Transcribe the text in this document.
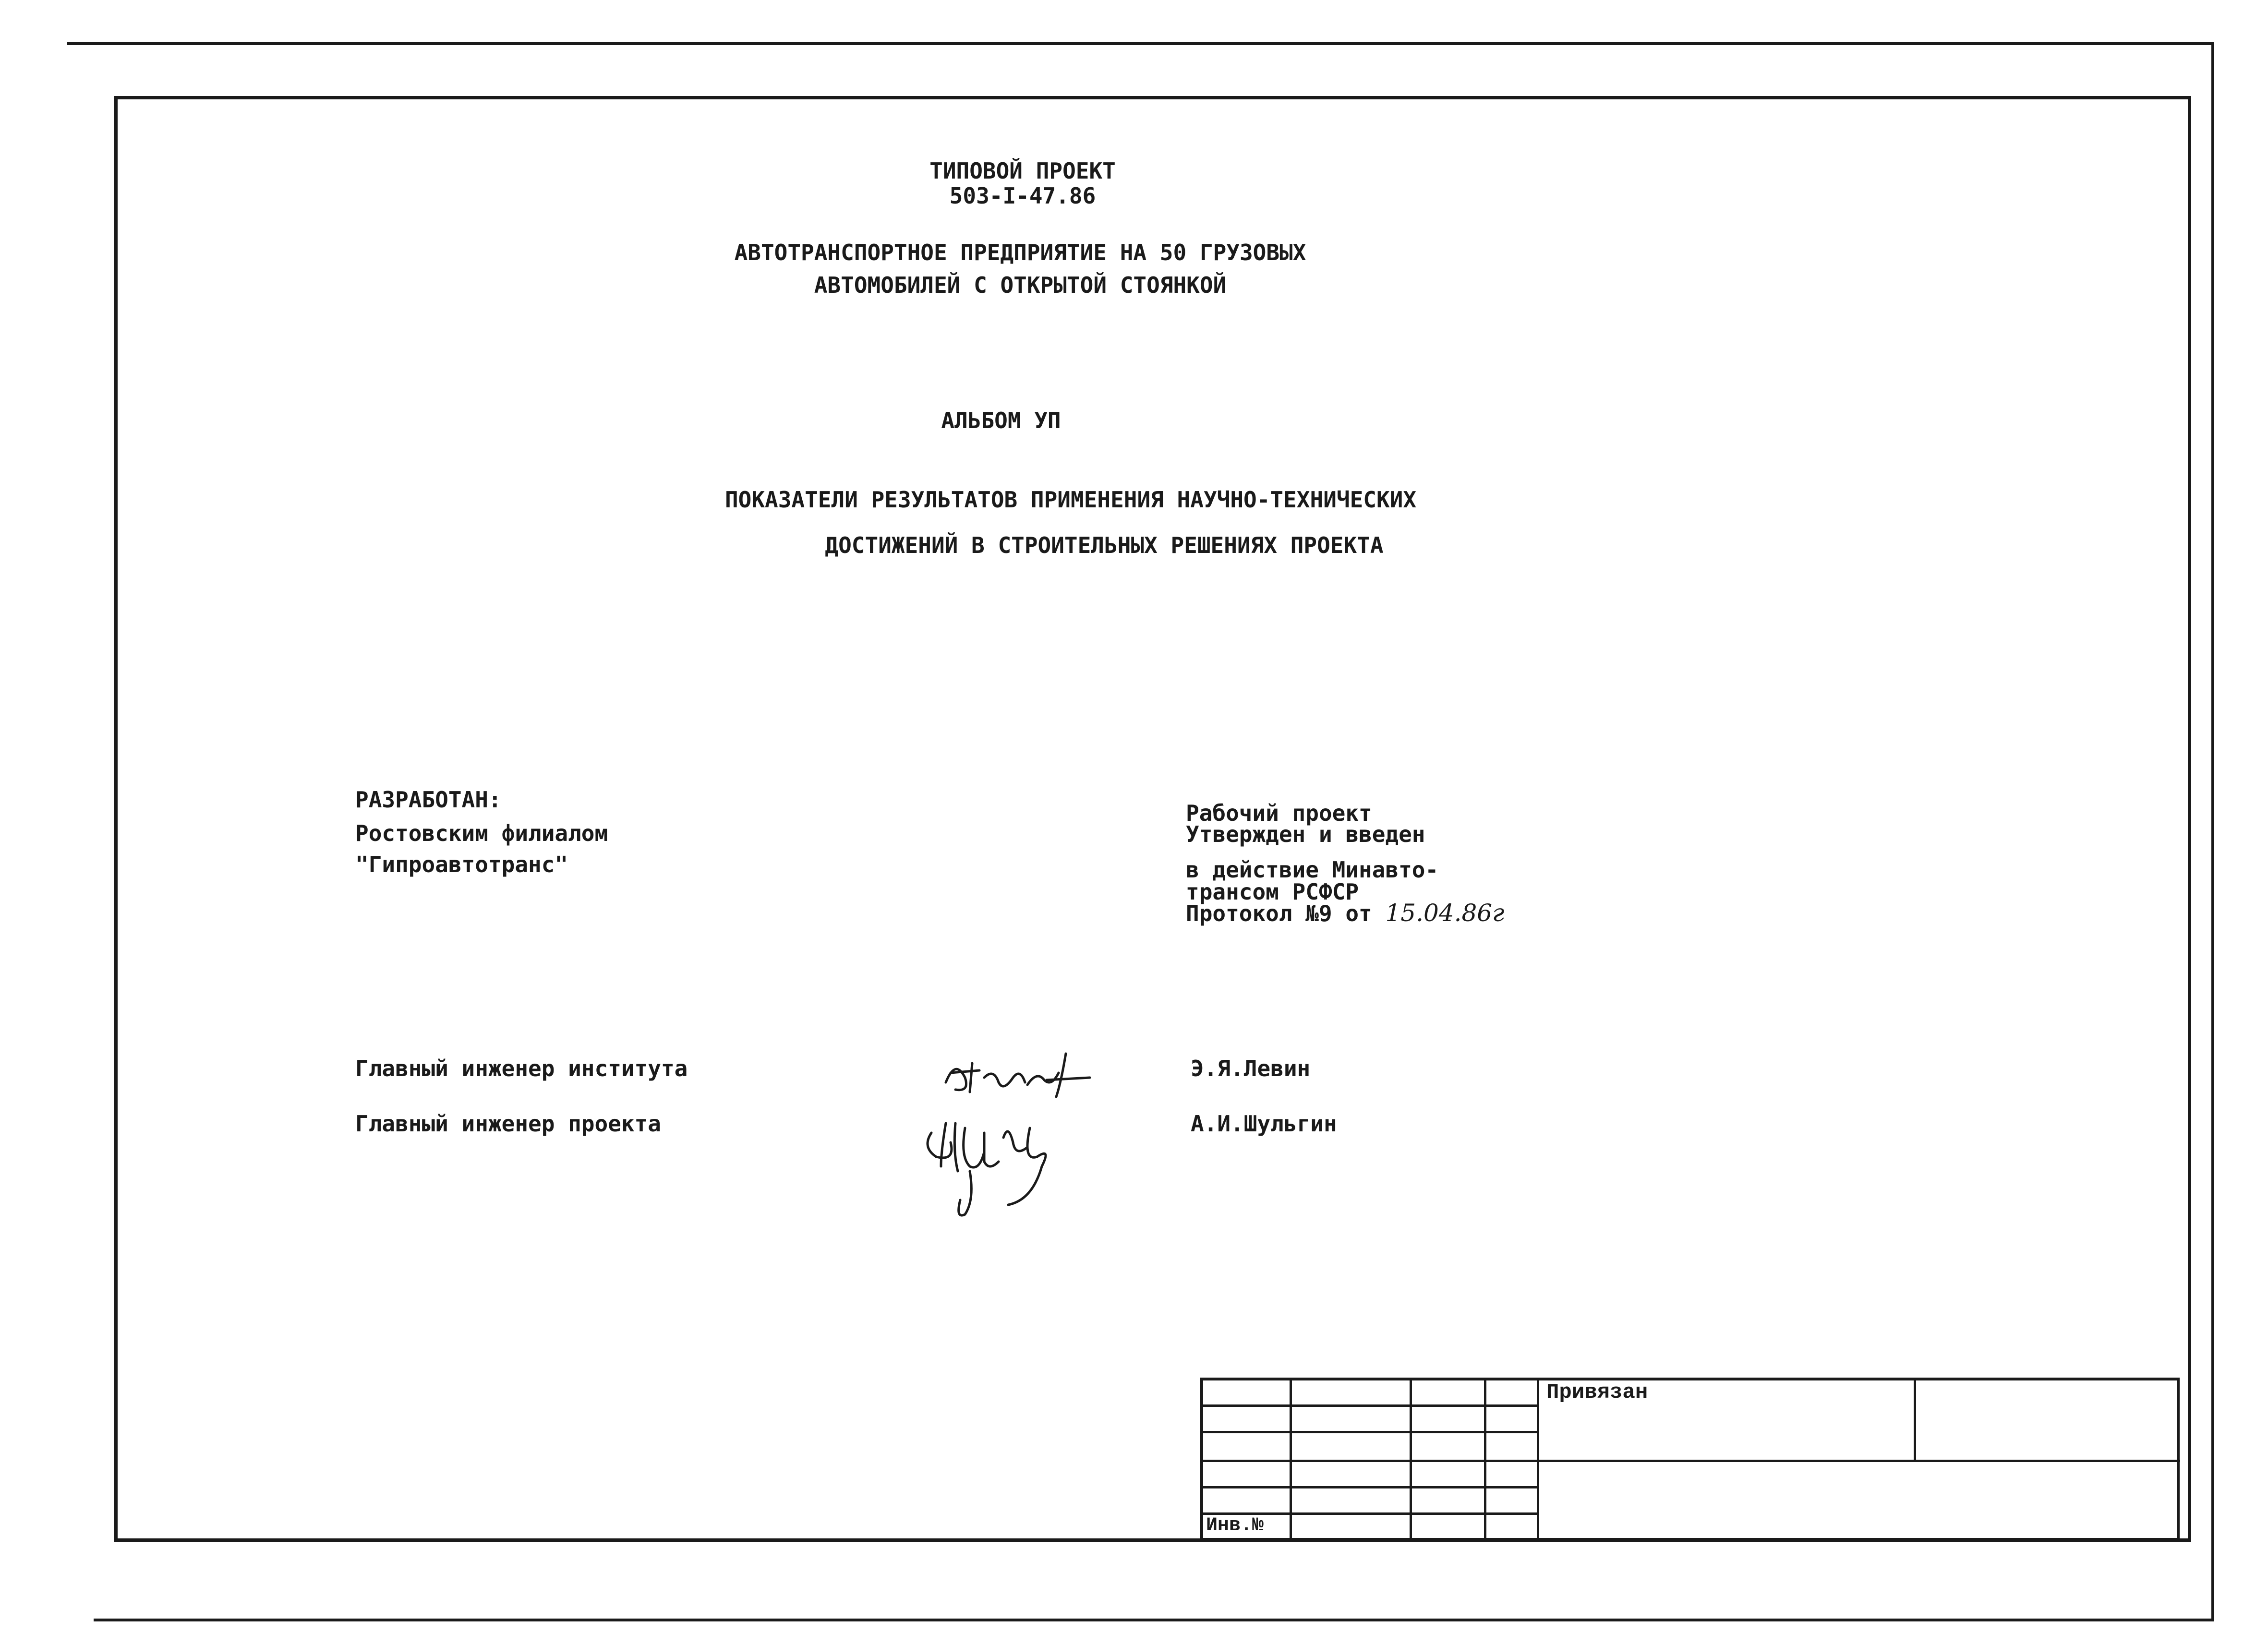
ТИПОВОЙ ПРОЕКТ
503-I-47.86
АВТОТРАНСПОРТНОЕ ПРЕДПРИЯТИЕ НА 50 ГРУЗОВЫХ
АВТОМОБИЛЕЙ С ОТКРЫТОЙ СТОЯНКОЙ
АЛЬБОМ УП
ПОКАЗАТЕЛИ РЕЗУЛЬТАТОВ ПРИМЕНЕНИЯ НАУЧНО-ТЕХНИЧЕСКИХ
ДОСТИЖЕНИЙ В СТРОИТЕЛЬНЫХ РЕШЕНИЯХ ПРОЕКТА
РАЗРАБОТАН:
Ростовским филиалом
"Гипроавтотранс"
Рабочий проект
Утвержден и введен
в действие Минавто-
трансом РСФСР
Протокол №9 от 15.04.86г
Главный инженер института	Э.Я.Левин
Главный инженер проекта	А.И.Шульгин
Привязан
Инв.№
